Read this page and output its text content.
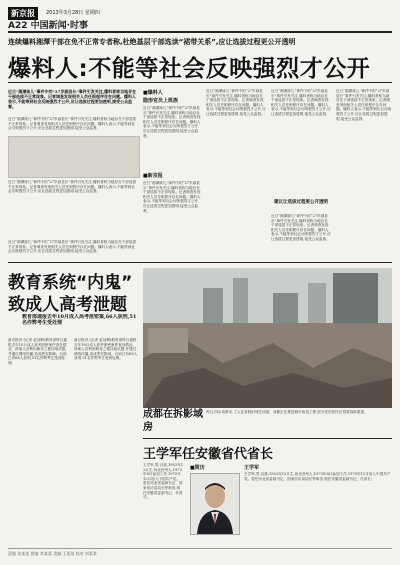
新京报	2013年3月28日 星期四
A22 中国新闻·时事
连续爆料湘潭干部在免不正常专者称,杜绝基层干部选读“裙带关系”,应让选拔过程更公开透明
爆料人:不能等社会反映强烈才公开
近日“湘潭妹儿”事件中的“27岁副县长”事件引发关注,爆料者称当地存在干部选拔不正常现象。记者调查发现相关人员任职程序存在问题。爆料人表示,不能等到社会反映强烈才公开,应让选拔过程更加透明,接受公众监督。
近日“湘潭妹儿”事件中的“27岁副县长”事件引发关注,爆料者称当地存在干部选拔不正常现象。记者调查发现相关人员任职程序存在问题。爆料人表示,不能等到社会反映强烈才公开,应让选拔过程更加透明,接受公众监督。
近日“湘潭妹儿”事件中的“27岁副县长”事件引发关注,爆料者称当地存在干部选拔不正常现象。记者调查发现相关人员任职程序存在问题。爆料人表示,不能等到社会反映强烈才公开,应让选拔过程更加透明,接受公众监督。
近日“湘潭妹儿”事件中的“27岁副县长”事件引发关注,爆料者称当地存在干部选拔不正常现象。记者调查发现相关人员任职程序存在问题。爆料人表示,不能等到社会反映强烈才公开,应让选拔过程更加透明,接受公众监督。
■爆料人
隐形官员上班族
近日“湘潭妹儿”事件中的“27岁副县长”事件引发关注,爆料者称当地存在干部选拔不正常现象。记者调查发现相关人员任职程序存在问题。爆料人表示,不能等到社会反映强烈才公开,应让选拔过程更加透明,接受公众监督。
■新京报
近日“湘潭妹儿”事件中的“27岁副县长”事件引发关注,爆料者称当地存在干部选拔不正常现象。记者调查发现相关人员任职程序存在问题。爆料人表示,不能等到社会反映强烈才公开,应让选拔过程更加透明,接受公众监督。
近日“湘潭妹儿”事件中的“27岁副县长”事件引发关注,爆料者称当地存在干部选拔不正常现象。记者调查发现相关人员任职程序存在问题。爆料人表示,不能等到社会反映强烈才公开,应让选拔过程更加透明,接受公众监督。
近日“湘潭妹儿”事件中的“27岁副县长”事件引发关注,爆料者称当地存在干部选拔不正常现象。记者调查发现相关人员任职程序存在问题。爆料人表示,不能等到社会反映强烈才公开,应让选拔过程更加透明,接受公众监督。
建议让选拔过程更公开透明
近日“湘潭妹儿”事件中的“27岁副县长”事件引发关注,爆料者称当地存在干部选拔不正常现象。记者调查发现相关人员任职程序存在问题。爆料人表示,不能等到社会反映强烈才公开,应让选拔过程更加透明,接受公众监督。
近日“湘潭妹儿”事件中的“27岁副县长”事件引发关注,爆料者称当地存在干部选拔不正常现象。记者调查发现相关人员任职程序存在问题。爆料人表示,不能等到社会反映强烈才公开,应让选拔过程更加透明,接受公众监督。
教育系统“内鬼”
致成人高考泄题
教育部通报去年10月成人高考泄密案,66人获刑,51名作弊考生受处理
新京报讯 (记者 赵加利)教育部昨日通报去年10月成人高考泄密案件查处情况。涉案人员利用职务之便窃取试题,并通过网络传播,造成恶劣影响。目前已有66人获刑,51名作弊考生受到处理。
新京报讯 (记者 赵加利)教育部昨日通报去年10月成人高考泄密案件查处情况。涉案人员利用职务之便窃取试题,并通过网络传播,造成恶劣影响。目前已有66人获刑,51名作弊考生受到处理。
成都在拆影域房
昨日,四川成都市,工人在拆除旧城区房屋。成都正在推进城市改造工程,部分老旧居民区将被拆除重建。
王学军任安徽省代省长
王学军,男,汉族,1952年12月生,河北晋州人,1973年8月参加工作,1975年12月加入中国共产党。曾任河北省委副书记、国家信访局局长等职务,现任安徽省委副书记、代省长。
■简历	王学军
王学军,男,汉族,1952年12月生,河北晋州人,1973年8月参加工作,1975年12月加入中国共产党。曾任河北省委副书记、国家信访局局长等职务,现任安徽省委副书记、代省长。
责编 张某某 图编 李某某 美编 王某某 校对 刘某某
